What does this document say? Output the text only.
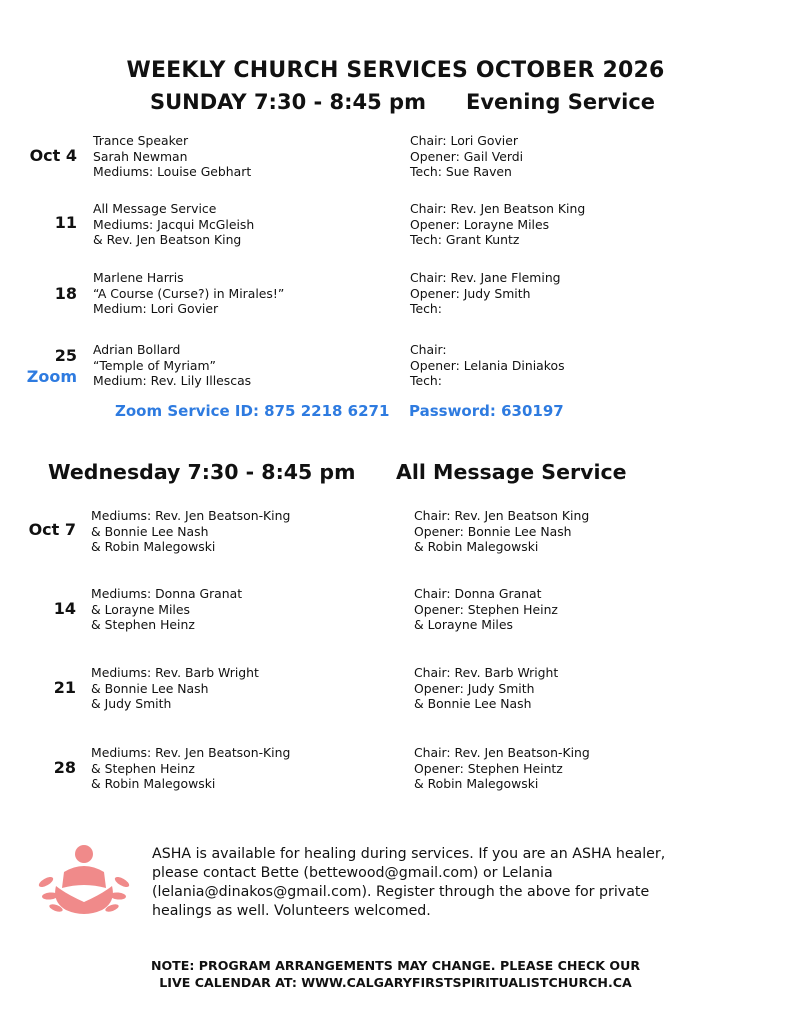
WEEKLY CHURCH SERVICES OCTOBER 2026
SUNDAY 7:30 - 8:45 pm Evening Service
Oct 4
Trance Speaker
Sarah Newman
Mediums: Louise Gebhart
Chair: Lori Govier
Opener: Gail Verdi
Tech: Sue Raven
11
All Message Service
Mediums: Jacqui McGleish
& Rev. Jen Beatson King
Chair: Rev. Jen Beatson King
Opener: Lorayne Miles
Tech: Grant Kuntz
18
Marlene Harris
“A Course (Curse?) in Mirales!”
Medium: Lori Govier
Chair: Rev. Jane Fleming
Opener: Judy Smith
Tech:
25
Zoom
Adrian Bollard
“Temple of Myriam”
Medium: Rev. Lily Illescas
Chair:
Opener: Lelania Diniakos
Tech:
Zoom Service ID: 875 2218 6271 Password: 630197
Wednesday 7:30 - 8:45 pm All Message Service
Oct 7
Mediums: Rev. Jen Beatson-King
& Bonnie Lee Nash
& Robin Malegowski
Chair: Rev. Jen Beatson King
Opener: Bonnie Lee Nash
& Robin Malegowski
14
Mediums: Donna Granat
& Lorayne Miles
& Stephen Heinz
Chair: Donna Granat
Opener: Stephen Heinz
& Lorayne Miles
21
Mediums: Rev. Barb Wright
& Bonnie Lee Nash
& Judy Smith
Chair: Rev. Barb Wright
Opener: Judy Smith
& Bonnie Lee Nash
28
Mediums: Rev. Jen Beatson-King
& Stephen Heinz
& Robin Malegowski
Chair: Rev. Jen Beatson-King
Opener: Stephen Heintz
& Robin Malegowski
ASHA is available for healing during services. If you are an ASHA healer,
please contact Bette (bettewood@gmail.com) or Lelania
(lelania@dinakos@gmail.com). Register through the above for private
healings as well. Volunteers welcomed.
NOTE: PROGRAM ARRANGEMENTS MAY CHANGE. PLEASE CHECK OUR
LIVE CALENDAR AT: WWW.CALGARYFIRSTSPIRITUALISTCHURCH.CA
